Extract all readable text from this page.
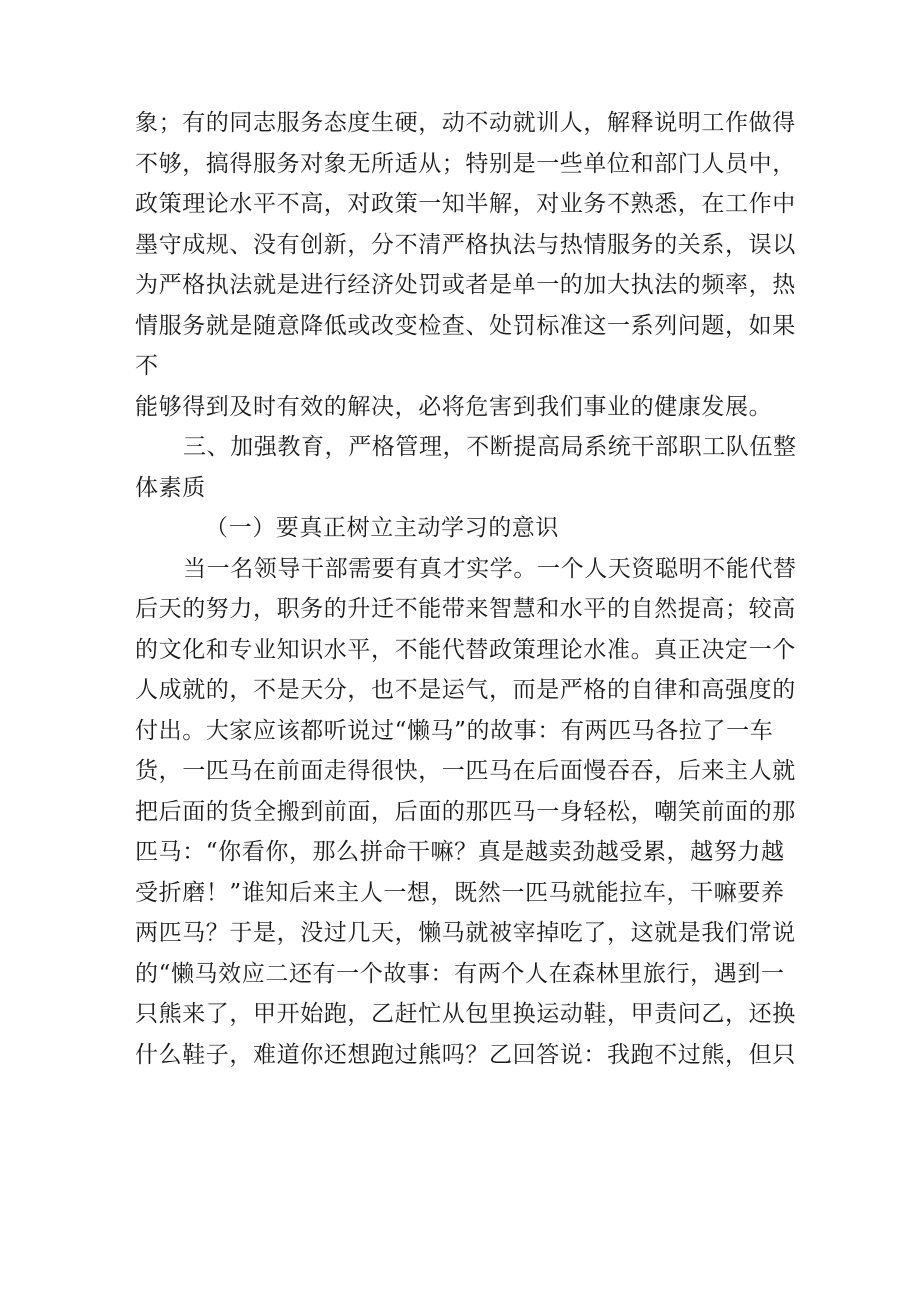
象；有的同志服务态度生硬，动不动就训人，解释说明工作做得
不够，搞得服务对象无所适从；特别是一些单位和部门人员中，
政策理论水平不高，对政策一知半解，对业务不熟悉，在工作中
墨守成规、没有创新，分不清严格执法与热情服务的关系，误以
为严格执法就是进行经济处罚或者是单一的加大执法的频率，热
情服务就是随意降低或改变检查、处罚标准这一系列问题，如果
不
能够得到及时有效的解决，必将危害到我们事业的健康发展。
三、加强教育，严格管理，不断提高局系统干部职工队伍整
体素质
（一）要真正树立主动学习的意识
当一名领导干部需要有真才实学。一个人天资聪明不能代替
后天的努力，职务的升迁不能带来智慧和水平的自然提高；较高
的文化和专业知识水平，不能代替政策理论水准。真正决定一个
人成就的，不是天分，也不是运气，而是严格的自律和高强度的
付出。大家应该都听说过“懒马”的故事：有两匹马各拉了一车
货，一匹马在前面走得很快，一匹马在后面慢吞吞，后来主人就
把后面的货全搬到前面，后面的那匹马一身轻松，嘲笑前面的那
匹马：“你看你，那么拼命干嘛？真是越卖劲越受累，越努力越
受折磨！”谁知后来主人一想，既然一匹马就能拉车，干嘛要养
两匹马？于是，没过几天，懒马就被宰掉吃了，这就是我们常说
的“懒马效应二还有一个故事：有两个人在森林里旅行，遇到一
只熊来了，甲开始跑，乙赶忙从包里换运动鞋，甲责问乙，还换
什么鞋子，难道你还想跑过熊吗？乙回答说：我跑不过熊，但只
